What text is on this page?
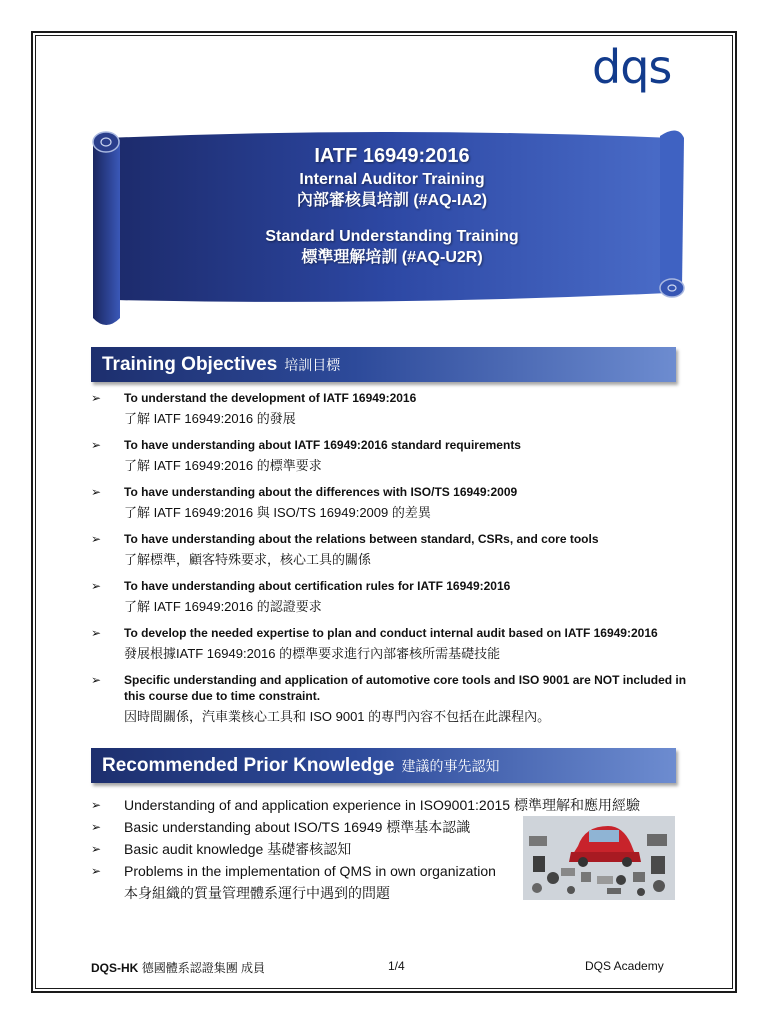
dqs
IATF 16949:2016
Internal Auditor Training
內部審核員培訓 (#AQ-IA2)
Standard Understanding Training
標準理解培訓 (#AQ-U2R)
Training Objectives 培訓目標
➢ To understand the development of IATF 16949:2016
了解 IATF 16949:2016 的發展
➢ To have understanding about IATF 16949:2016 standard requirements
了解 IATF 16949:2016 的標準要求
➢ To have understanding about the differences with ISO/TS 16949:2009
了解 IATF 16949:2016 與 ISO/TS 16949:2009 的差異
➢ To have understanding about the relations between standard, CSRs, and core tools
了解標準，顧客特殊要求，核心工具的關係
➢ To have understanding about certification rules for IATF 16949:2016
了解 IATF 16949:2016 的認證要求
➢ To develop the needed expertise to plan and conduct internal audit based on IATF 16949:2016
發展根據IATF 16949:2016 的標準要求進行內部審核所需基礎技能
➢ Specific understanding and application of automotive core tools and ISO 9001 are NOT included in this course due to time constraint.
因時間關係，汽車業核心工具和 ISO 9001 的專門內容不包括在此課程內。
Recommended Prior Knowledge 建議的事先認知
➢ Understanding of and application experience in ISO9001:2015 標準理解和應用經驗
➢ Basic understanding about ISO/TS 16949 標準基本認識
➢ Basic audit knowledge 基礎審核認知
➢ Problems in the implementation of QMS in own organization
本身組織的質量管理體系運行中遇到的問題
DQS-HK 德國體系認證集團 成員	1/4	DQS Academy
